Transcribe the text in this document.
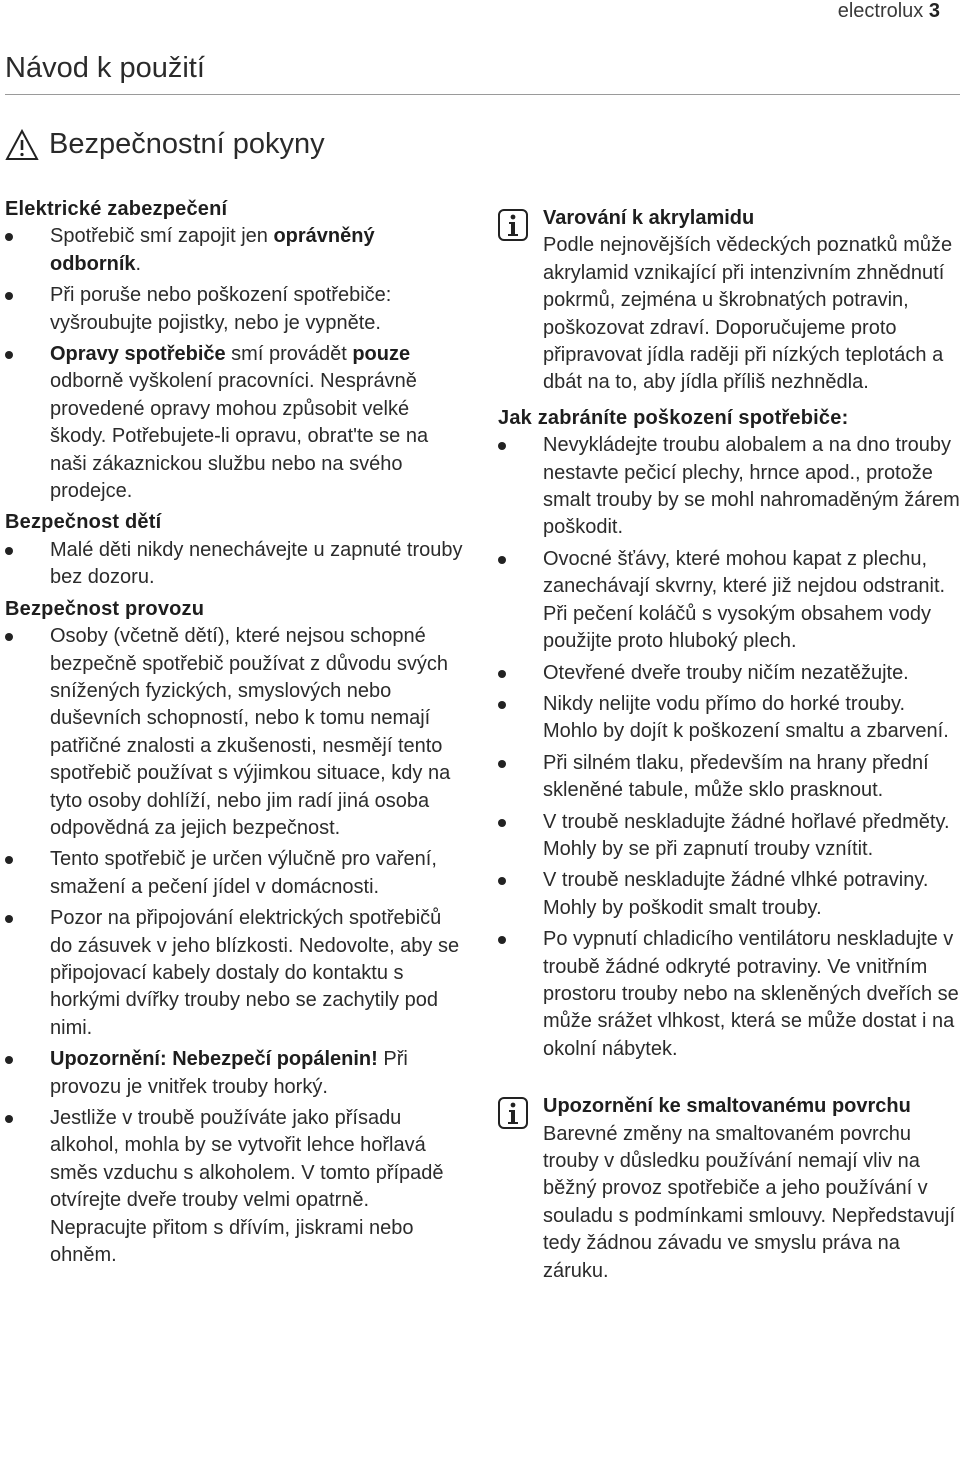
electrolux 3
Návod k použití
Bezpečnostní pokyny

Elektrické zabezpečení

Spotřebič smí zapojit jen oprávněný odborník.
Při poruše nebo poškození spotřebiče: vyšroubujte pojistky, nebo je vypněte.
Opravy spotřebiče smí provádět pouze odborně vyškolení pracovníci. Nesprávně provedené opravy mohou způsobit velké škody. Potřebujete-li opravu, obrat'te se na naši zákaznickou službu nebo na svého prodejce.

Bezpečnost dětí

Malé děti nikdy nenechávejte u zapnuté trouby bez dozoru.

Bezpečnost provozu

Osoby (včetně dětí), které nejsou schopné bezpečně spotřebič používat z důvodu svých snížených fyzických, smyslových nebo duševních schopností, nebo k tomu nemají patřičné znalosti a zkušenosti, nesmějí tento spotřebič používat s výjimkou situace, kdy na tyto osoby dohlíží, nebo jim radí jiná osoba odpovědná za jejich bezpečnost.
Tento spotřebič je určen výlučně pro vaření, smažení a pečení jídel v domácnosti.
Pozor na připojování elektrických spotřebičů do zásuvek v jeho blízkosti. Nedovolte, aby se připojovací kabely dostaly do kontaktu s horkými dvířky trouby nebo se zachytily pod nimi.
Upozornění: Nebezpečí popálenin! Při provozu je vnitřek trouby horký.
Jestliže v troubě používáte jako přísadu alkohol, mohla by se vytvořit lehce hořlavá směs vzduchu s alkoholem. V tomto případě otvírejte dveře trouby velmi opatrně. Nepracujte přitom s dřívím, jiskrami nebo ohněm.
Varování k akrylamidu
Podle nejnovějších vědeckých poznatků může akrylamid vznikající při intenzivním zhnědnutí pokrmů, zejména u škrobnatých potravin, poškozovat zdraví. Doporučujeme proto připravovat jídla raději při nízkých teplotách a dbát na to, aby jídla příliš nezhnědla.

Jak zabráníte poškození spotřebiče:

Nevykládejte troubu alobalem a na dno trouby nestavte pečicí plechy, hrnce apod., protože smalt trouby by se mohl nahromaděným žárem poškodit.
Ovocné šťávy, které mohou kapat z plechu, zanechávají skvrny, které již nejdou odstranit. Při pečení koláčů s vysokým obsahem vody použijte proto hluboký plech.
Otevřené dveře trouby ničím nezatěžujte.
Nikdy nelijte vodu přímo do horké trouby. Mohlo by dojít k poškození smaltu a zbarvení.
Při silném tlaku, především na hrany přední skleněné tabule, může sklo prasknout.
V troubě neskladujte žádné hořlavé předměty. Mohly by se při zapnutí trouby vznítit.
V troubě neskladujte žádné vlhké potraviny. Mohly by poškodit smalt trouby.
Po vypnutí chladicího ventilátoru neskladujte v troubě žádné odkryté potraviny. Ve vnitřním prostoru trouby nebo na skleněných dveřích se může srážet vlhkost, která se může dostat i na okolní nábytek.
Upozornění ke smaltovanému povrchu
Barevné změny na smaltovaném povrchu trouby v důsledku používání nemají vliv na běžný provoz spotřebiče a jeho používání v souladu s podmínkami smlouvy. Nepředstavují tedy žádnou závadu ve smyslu práva na záruku.
